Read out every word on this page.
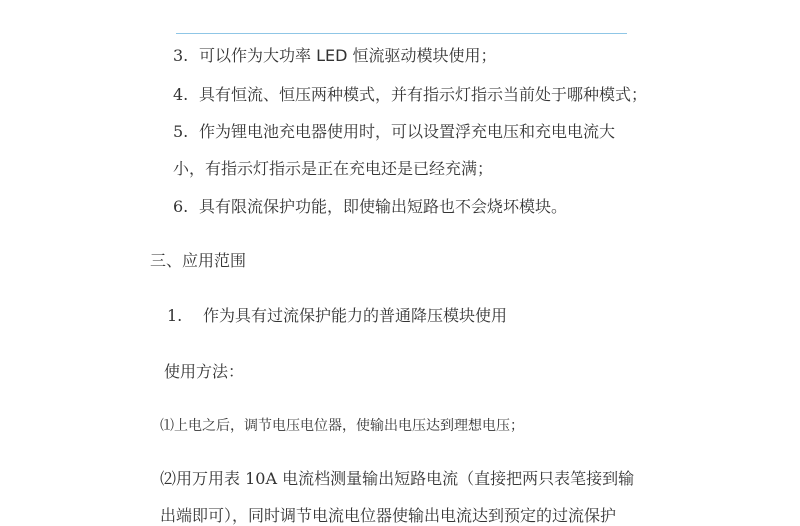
3. 可以作为大功率 LED 恒流驱动模块使用；
4. 具有恒流、恒压两种模式，并有指示灯指示当前处于哪种模式；
5. 作为锂电池充电器使用时，可以设置浮充电压和充电电流大
小，有指示灯指示是正在充电还是已经充满；
6. 具有限流保护功能，即使输出短路也不会烧坏模块。
三、应用范围
1. 作为具有过流保护能力的普通降压模块使用
使用方法：
⑴上电之后，调节电压电位器，使输出电压达到理想电压；
⑵用万用表 10A 电流档测量输出短路电流（直接把两只表笔接到输
出端即可），同时调节电流电位器使输出电流达到预定的过流保护
